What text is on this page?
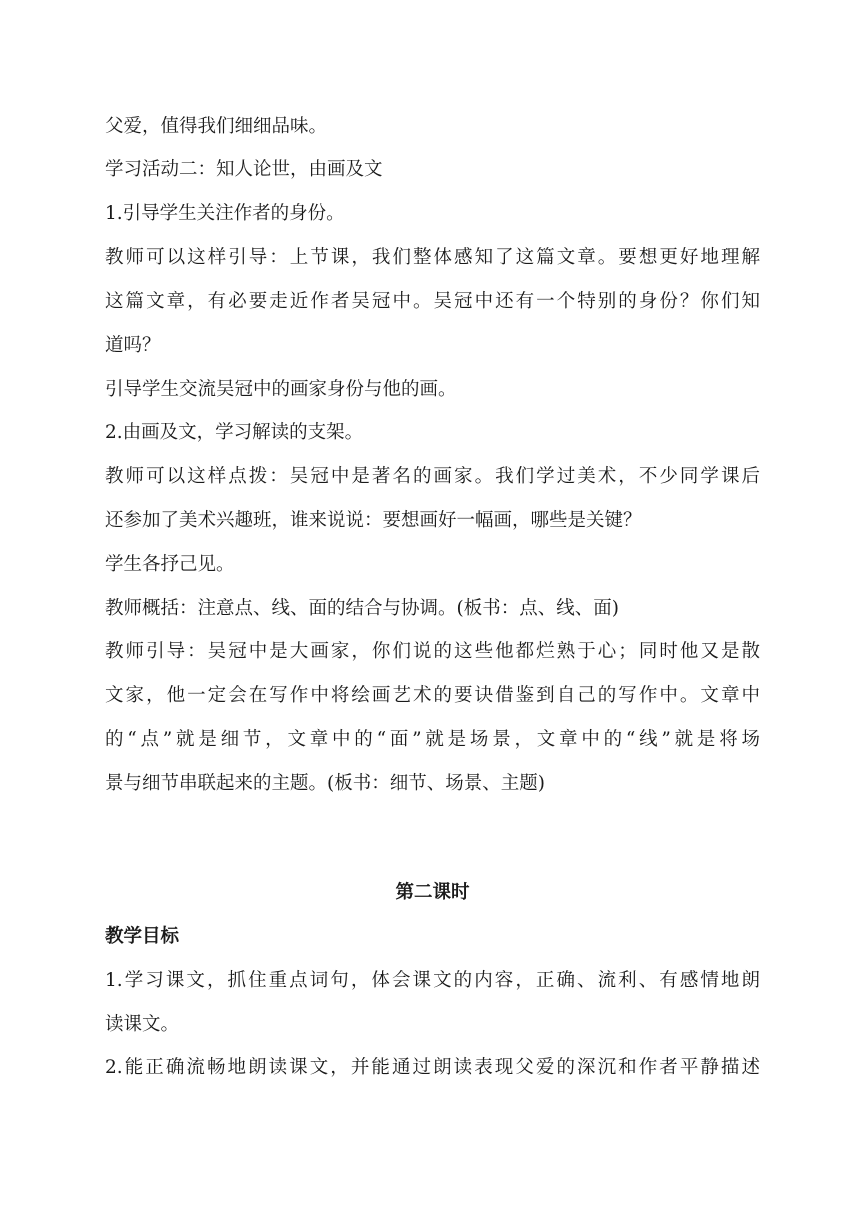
父爱，值得我们细细品味。
学习活动二：知人论世，由画及文
1.引导学生关注作者的身份。
教师可以这样引导：上节课，我们整体感知了这篇文章。要想更好地理解
这篇文章，有必要走近作者吴冠中。吴冠中还有一个特别的身份？你们知
道吗？
引导学生交流吴冠中的画家身份与他的画。
2.由画及文，学习解读的支架。
教师可以这样点拨：吴冠中是著名的画家。我们学过美术，不少同学课后
还参加了美术兴趣班，谁来说说：要想画好一幅画，哪些是关键？
学生各抒己见。
教师概括：注意点、线、面的结合与协调。(板书：点、线、面)
教师引导：吴冠中是大画家，你们说的这些他都烂熟于心；同时他又是散
文家，他一定会在写作中将绘画艺术的要诀借鉴到自己的写作中。文章中
的“点”就是细节，文章中的“面”就是场景，文章中的“线”就是将场
景与细节串联起来的主题。(板书：细节、场景、主题)
第二课时
教学目标
1.学习课文，抓住重点词句，体会课文的内容，正确、流利、有感情地朗
读课文。
2.能正确流畅地朗读课文，并能通过朗读表现父爱的深沉和作者平静描述
